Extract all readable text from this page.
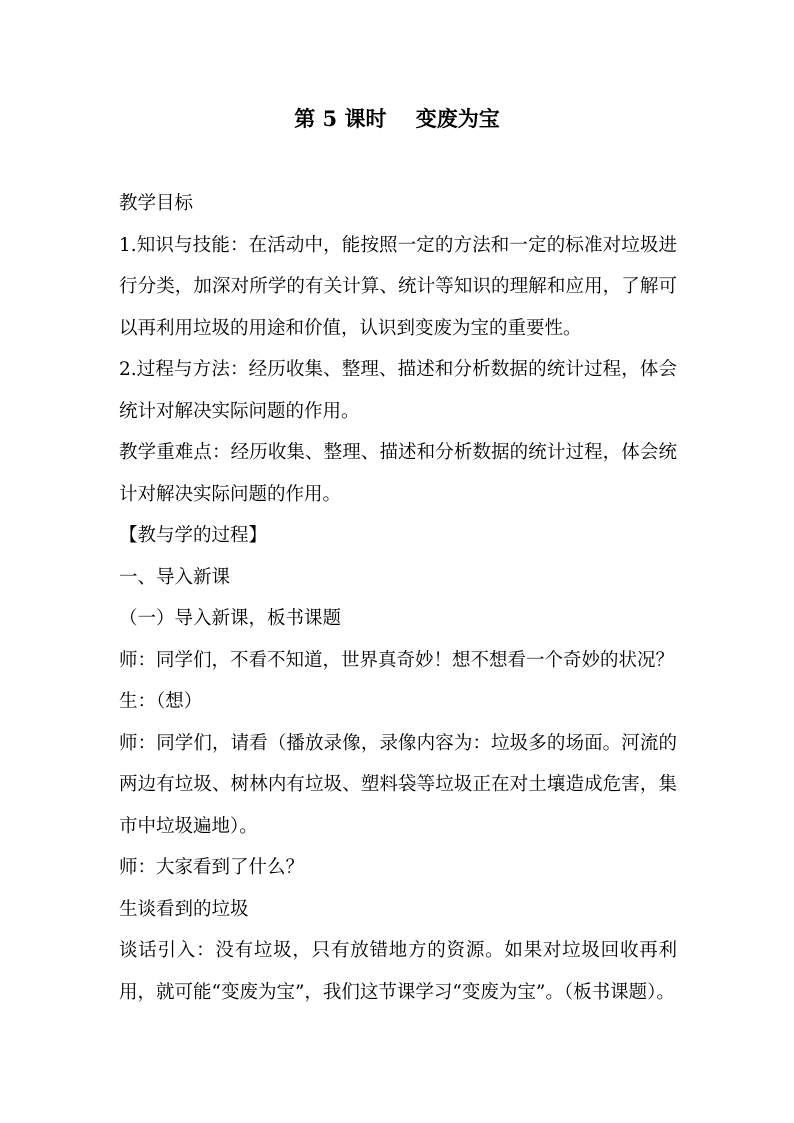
第 5 课时    变废为宝

教学目标

1.知识与技能：在活动中，能按照一定的方法和一定的标准对垃圾进行分类，加深对所学的有关计算、统计等知识的理解和应用，了解可以再利用垃圾的用途和价值，认识到变废为宝的重要性。

2.过程与方法：经历收集、整理、描述和分析数据的统计过程，体会统计对解决实际问题的作用。

教学重难点：经历收集、整理、描述和分析数据的统计过程，体会统计对解决实际问题的作用。

【教与学的过程】

一、导入新课

（一）导入新课，板书课题

师：同学们，不看不知道，世界真奇妙！想不想看一个奇妙的状况？

生：（想）

师：同学们，请看（播放录像，录像内容为：垃圾多的场面。河流的两边有垃圾、树林内有垃圾、塑料袋等垃圾正在对土壤造成危害，集市中垃圾遍地）。

师：大家看到了什么？

生谈看到的垃圾

谈话引入：没有垃圾，只有放错地方的资源。如果对垃圾回收再利用，就可能“变废为宝”，我们这节课学习“变废为宝”。（板书课题）。
